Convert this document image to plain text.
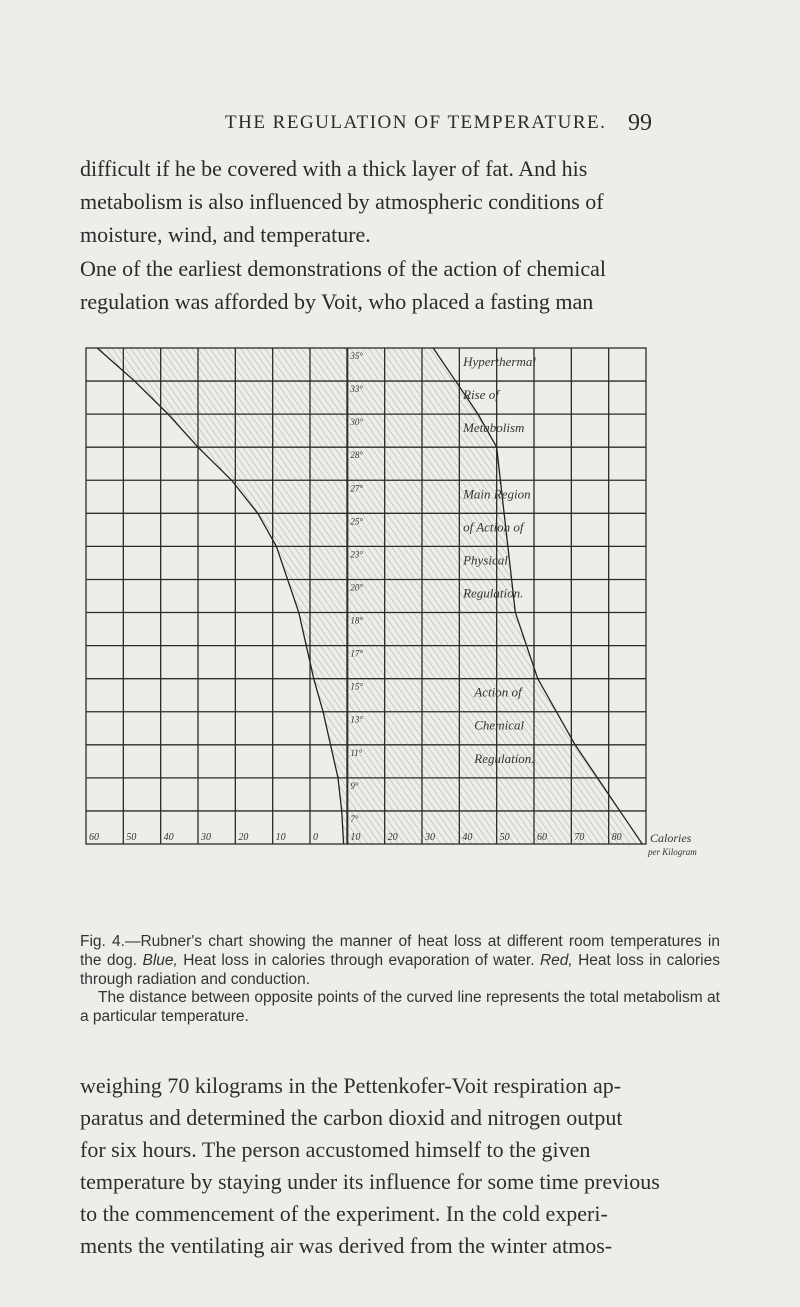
THE REGULATION OF TEMPERATURE. 99
difficult if he be covered with a thick layer of fat. And his
metabolism is also influenced by atmospheric conditions of
moisture, wind, and temperature.
One of the earliest demonstrations of the action of chemical
regulation was afforded by Voit, who placed a fasting man
35°
33°
30°
28°
27°
25°
23°
20°
18°
17°
15°
13°
11°
9°
7°
60	50	40	30	20	10	0	10	20	30	40	50	60	70	80 Calories
per Kilogram
Hyperthermal
Rise of
Metabolism
Main Region
of Action of
Physical
Regulation.
Action of
Chemical
Regulation.
Fig. 4.—Rubner's chart showing the manner of heat loss at different room temperatures in the dog. Blue, Heat loss in calories through evaporation of water. Red, Heat loss in calories through radiation and conduction.
The distance between opposite points of the curved line represents the total metabolism at a particular temperature.
weighing 70 kilograms in the Pettenkofer-Voit respiration ap-
paratus and determined the carbon dioxid and nitrogen output
for six hours. The person accustomed himself to the given
temperature by staying under its influence for some time previous
to the commencement of the experiment. In the cold experi-
ments the ventilating air was derived from the winter atmos-
